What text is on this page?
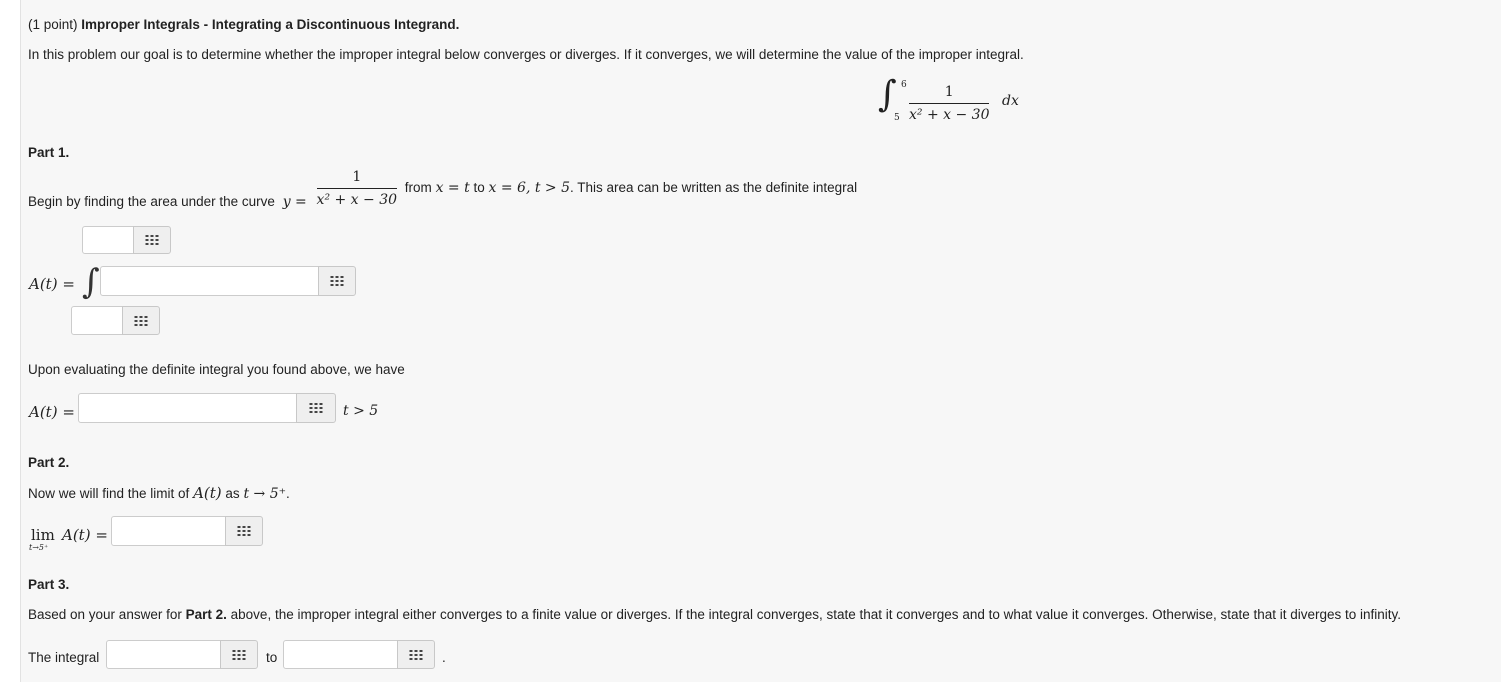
(1 point) Improper Integrals - Integrating a Discontinuous Integrand.
In this problem our goal is to determine whether the improper integral below converges or diverges. If it converges, we will determine the value of the improper integral.
∫ 6
$5 \frac{1}{\text{x² + x − 30}}$ dx
Part 1.
Begin by finding the area under the curve $y = \frac{1}{\text{x² + x − 30}}$ from x = t to x = 6, t > 5. This area can be written as the definite integral
A(t) = ∫
Upon evaluating the definite integral you found above, we have
A(t) =	t > 5
Part 2.
Now we will find the limit of A(t) as t → 5⁺.
lim
t→5⁺
A(t) =
Part 3.
Based on your answer for Part 2. above, the improper integral either converges to a finite value or diverges. If the integral converges, state that it converges and to what value it converges. Otherwise, state that it diverges to infinity.
The integral	to	.
